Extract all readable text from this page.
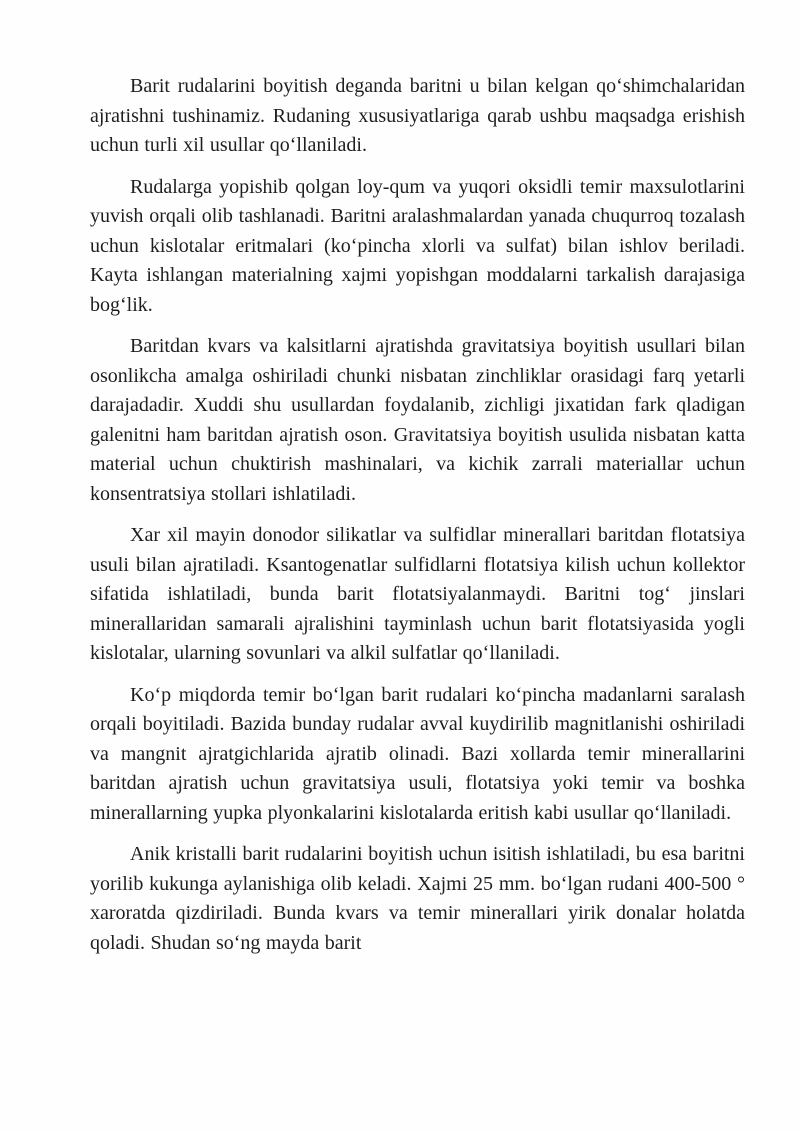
Barit rudalarini boyitish deganda baritni u bilan kelgan qoʻshimchalaridan ajratishni tushinamiz. Rudaning xususiyatlariga qarab ushbu maqsadga erishish uchun turli xil usullar qoʻllaniladi.

Rudalarga yopishib qolgan loy-qum va yuqori oksidli temir maxsulotlarini yuvish orqali olib tashlanadi. Baritni aralashmalardan yanada chuqurroq tozalash uchun kislotalar eritmalari (koʻpincha xlorli va sulfat) bilan ishlov beriladi. Kayta ishlangan materialning xajmi yopishgan moddalarni tarkalish darajasiga bogʻlik.

Baritdan kvars va kalsitlarni ajratishda gravitatsiya boyitish usullari bilan osonlikcha amalga oshiriladi chunki nisbatan zinchliklar orasidagi farq yetarli darajadadir. Xuddi shu usullardan foydalanib, zichligi jixatidan fark qladigan galenitni ham baritdan ajratish oson. Gravitatsiya boyitish usulida nisbatan katta material uchun chuktirish mashinalari, va kichik zarrali materiallar uchun konsentratsiya stollari ishlatiladi.

Xar xil mayin donodor silikatlar va sulfidlar minerallari baritdan flotatsiya usuli bilan ajratiladi. Ksantogenatlar sulfidlarni flotatsiya kilish uchun kollektor sifatida ishlatiladi, bunda barit flotatsiyalanmaydi. Baritni togʻ jinslari minerallaridan samarali ajralishini tayminlash uchun barit flotatsiyasida yogli kislotalar, ularning sovunlari va alkil sulfatlar qoʻllaniladi.

Koʻp miqdorda temir boʻlgan barit rudalari koʻpincha madanlarni saralash orqali boyitiladi. Bazida bunday rudalar avval kuydirilib magnitlanishi oshiriladi va mangnit ajratgichlarida ajratib olinadi. Bazi xollarda temir minerallarini baritdan ajratish uchun gravitatsiya usuli, flotatsiya yoki temir va boshka minerallarning yupka plyonkalarini kislotalarda eritish kabi usullar qoʻllaniladi.

Anik kristalli barit rudalarini boyitish uchun isitish ishlatiladi, bu esa baritni yorilib kukunga aylanishiga olib keladi. Xajmi 25 mm. boʻlgan rudani 400-500 ° xaroratda qizdiriladi. Bunda kvars va temir minerallari yirik donalar holatda qoladi. Shudan soʻng mayda barit
